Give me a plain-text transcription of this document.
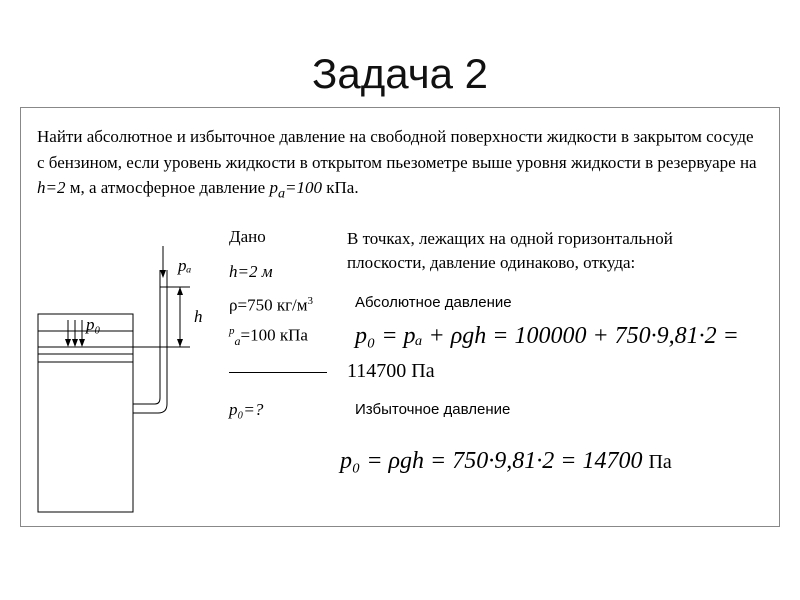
Задача 2

Найти абсолютное и избыточное давление на свободной поверхности жидкости в закрытом сосуде с бензином, если уровень жидкости в открытом пьезометре выше уровня жидкости в резервуаре на h=2 м, а атмосферное давление $p_a=100$ кПа.

pₐ
h
p₀
Дано
h=2 м
ρ=750 $кг/м^3$
$^p_a$=100 кПа
p₀=?
В точках, лежащих на одной горизонтальной плоскости, давление одинаково, откуда:
Абсолютное давление
p₀ = pₐ + ρgh = 100000 + 750·9,81·2 =
114700 Па
Избыточное давление
p₀ = ρgh = 750·9,81·2 = 14700 Па
